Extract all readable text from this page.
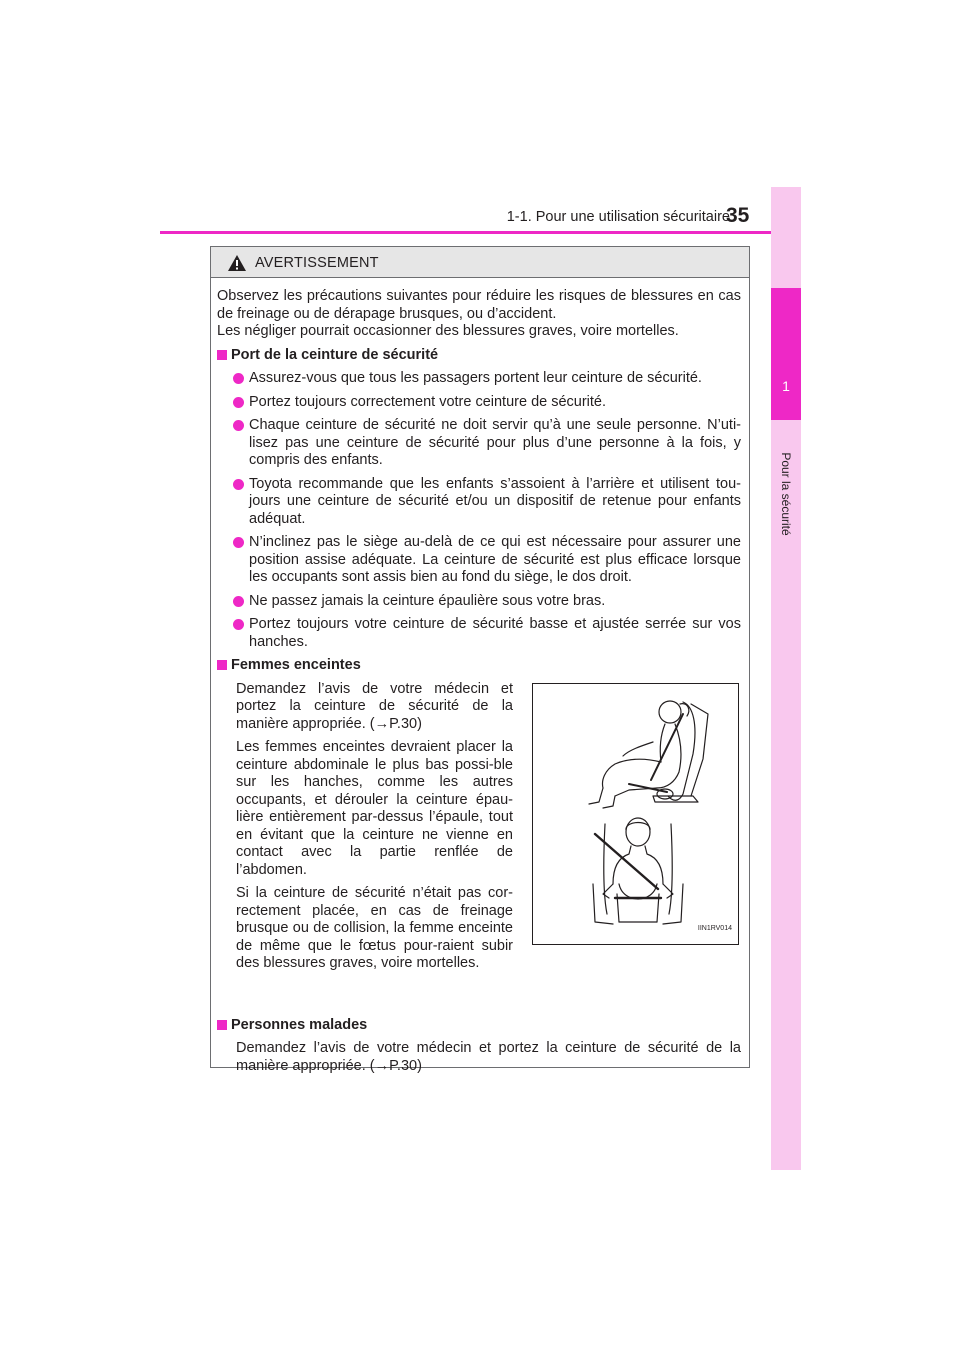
1-1. Pour une utilisation sécuritaire
35
1
Pour la sécurité
AVERTISSEMENT

Observez les précautions suivantes pour réduire les risques de blessures en cas de freinage ou de dérapage brusques, ou d’accident.

Les négliger pourrait occasionner des blessures graves, voire mortelles.

Port de la ceinture de sécurité
Assurez-vous que tous les passagers portent leur ceinture de sécurité.
Portez toujours correctement votre ceinture de sécurité.
Chaque ceinture de sécurité ne doit servir qu’à une seule personne. N’uti-lisez pas une ceinture de sécurité pour plus d’une personne à la fois, y compris des enfants.
Toyota recommande que les enfants s’assoient à l’arrière et utilisent tou-jours une ceinture de sécurité et/ou un dispositif de retenue pour enfants adéquat.
N’inclinez pas le siège au-delà de ce qui est nécessaire pour assurer une position assise adéquate. La ceinture de sécurité est plus efficace lorsque les occupants sont assis bien au fond du siège, le dos droit.
Ne passez jamais la ceinture épaulière sous votre bras.
Portez toujours votre ceinture de sécurité basse et ajustée serrée sur vos hanches.
Femmes enceintes

Demandez l’avis de votre médecin et portez la ceinture de sécurité de la manière appropriée. (→P.30)

Les femmes enceintes devraient placer la ceinture abdominale le plus bas possi-ble sur les hanches, comme les autres occupants, et dérouler la ceinture épau-lière entièrement par-dessus l’épaule, tout en évitant que la ceinture ne vienne en contact avec la partie renflée de l’abdomen.

Si la ceinture de sécurité n’était pas cor-rectement placée, en cas de freinage brusque ou de collision, la femme enceinte de même que le fœtus pour-raient subir des blessures graves, voire mortelles.

IIN1RV014
Personnes malades

Demandez l’avis de votre médecin et portez la ceinture de sécurité de la manière appropriée. (→P.30)
